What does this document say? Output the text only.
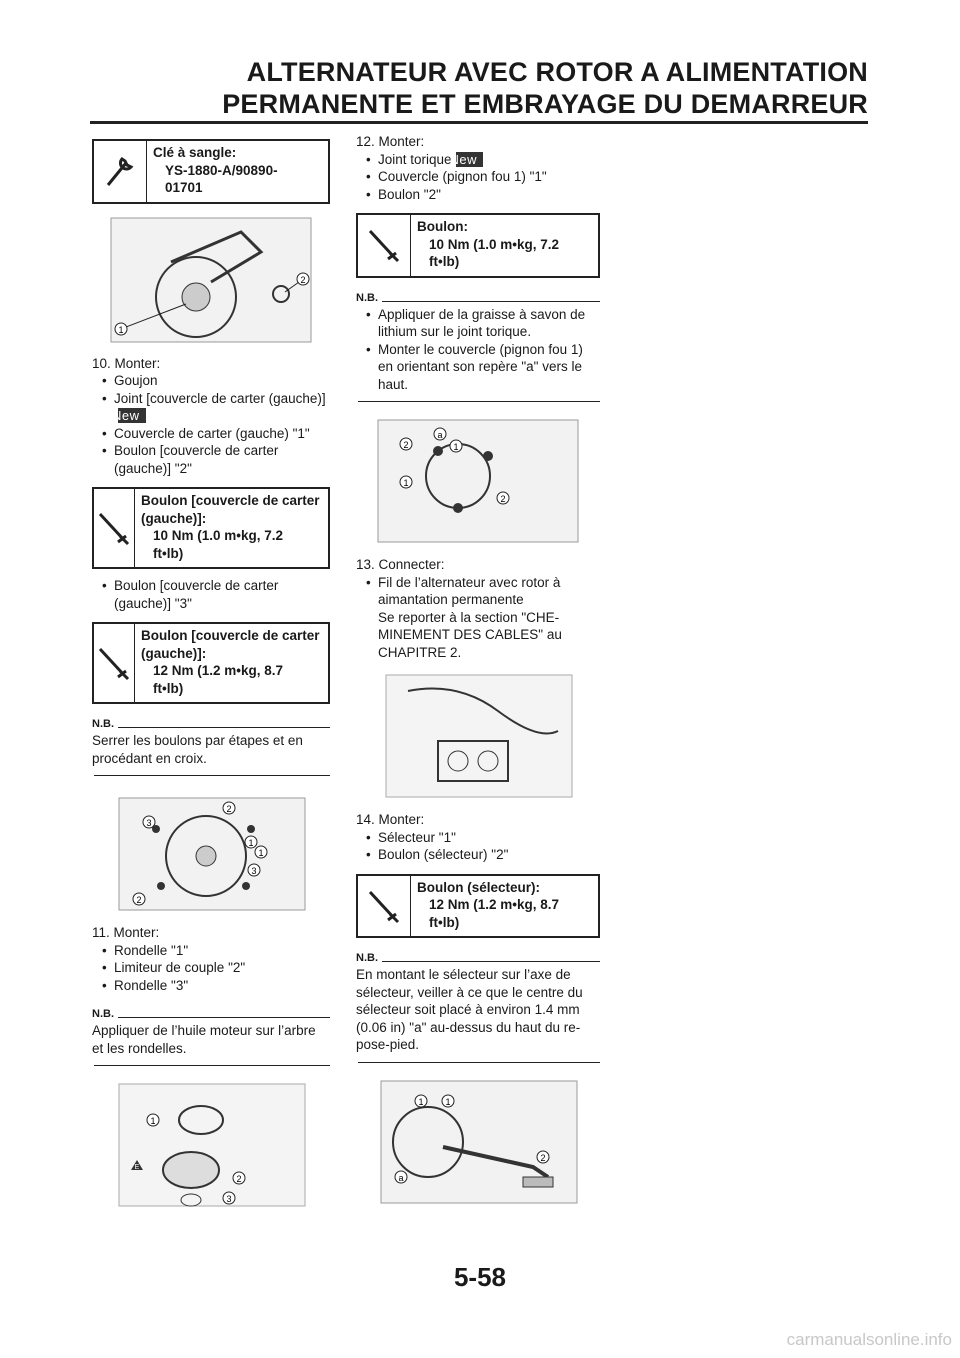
ALTERNATEUR AVEC ROTOR A ALIMENTATION
PERMANENTE ET EMBRAYAGE DU DEMARREUR
Clé à sangle:
YS-1880-A/90890-
01701
1
2

10. Monter:

• Goujon

• Joint [couvercle de carter (gauche)]New

• Couvercle de carter (gauche) "1"

• Boulon [couvercle de carter (gauche)] "2"

Boulon [couvercle de carter (gauche)]:
10 Nm (1.0 m•kg, 7.2
ft•lb)

• Boulon [couvercle de carter (gauche)] "3"

Boulon [couvercle de carter (gauche)]:
12 Nm (1.2 m•kg, 8.7
ft•lb)
N.B.
Serrer les boulons par étapes et en procédant en croix.
3
2
1
3
2
1

11. Monter:

• Rondelle "1"

• Limiteur de couple "2"

• Rondelle "3"

N.B.
Appliquer de l’huile moteur sur l’arbre et les rondelles.
1
2
3
E

12. Monter:

• Joint toriqueNew

• Couvercle (pignon fou 1) "1"

• Boulon "2"

Boulon:
10 Nm (1.0 m•kg, 7.2
ft•lb)
N.B.

• Appliquer de la graisse à savon de lithium sur le joint torique.

• Monter le couvercle (pignon fou 1) en orientant son repère "a" vers le haut.

a
1
2
1
2

13. Connecter:

• Fil de l’alternateur avec rotor à aimantation permanente

Se reporter à la section "CHE-MINEMENT DES CABLES" au CHAPITRE 2.

14. Monter:

• Sélecteur "1"

• Boulon (sélecteur) "2"

Boulon (sélecteur):
12 Nm (1.2 m•kg, 8.7
ft•lb)
N.B.
En montant le sélecteur sur l’axe de sélecteur, veiller à ce que le centre du sélecteur soit placé à environ 1.4 mm (0.06 in) "a" au-dessus du haut du re-pose-pied.
1 1
a
2
5-58
carmanualsonline.info
